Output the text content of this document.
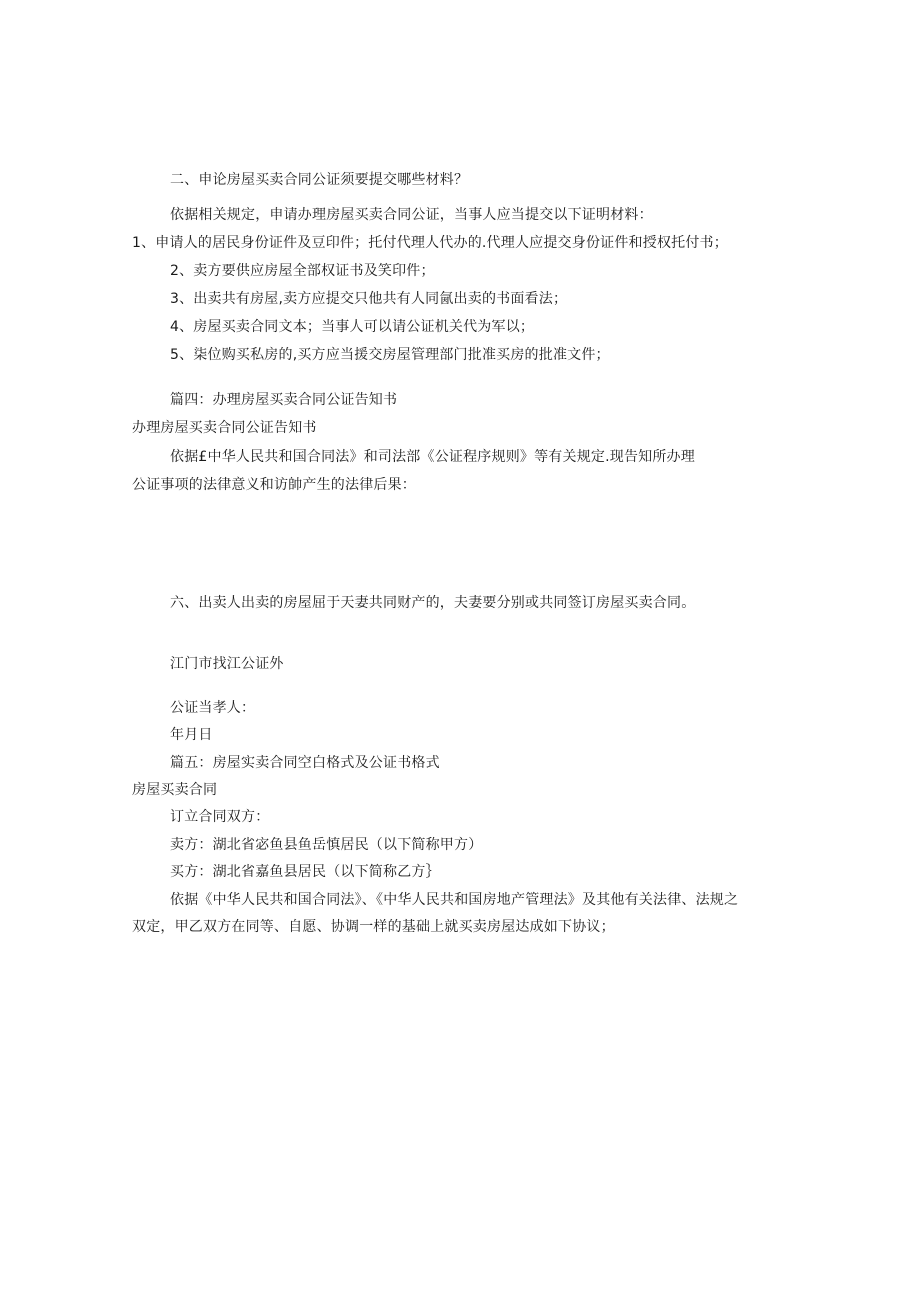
二、申论房屋买卖合同公证须要提交哪些材料？
依据相关规定，申请办理房屋买卖合同公证，当事人应当提交以下证明材料：
1、申请人的居民身份证件及豆印件；托付代理人代办的.代理人应提交身份证件和授权托付书；
2、卖方要供应房屋全部权证书及笑印件；
3、出卖共有房屋,卖方应提交只他共有人同氤出卖的书面看法；
4、房屋买卖合同文本；当事人可以请公证机关代为军以；
5、柒位购买私房的,买方应当援交房屋管理部门批准买房的批准文件；
篇四：办理房屋买卖合同公证告知书
办理房屋买卖合同公证告知书
依据£中华人民共和国合同法》和司法部《公证程序规则》等有关规定.现告知所办理
公证事项的法律意义和访帥产生的法律后果：
六、出卖人出卖的房屋屈于天妻共同财产的，夫妻要分别或共同签订房屋买卖合同。
江门市找江公证外
公证当孝人：
年月日
篇五：房屋实卖合同空白格式及公证书格式
房屋买卖合同
订立合同双方：
卖方：湖北省宓鱼县鱼岳慎居民（以下简称甲方）
买方：湖北省嘉鱼县居民（以下简称乙方｝
依据《中华人民共和国合同法》、《中华人民共和国房地产管理法》及其他有关法律、法规之
双定，甲乙双方在同等、自愿、协调一样的基础上就买卖房屋达成如下协议；
